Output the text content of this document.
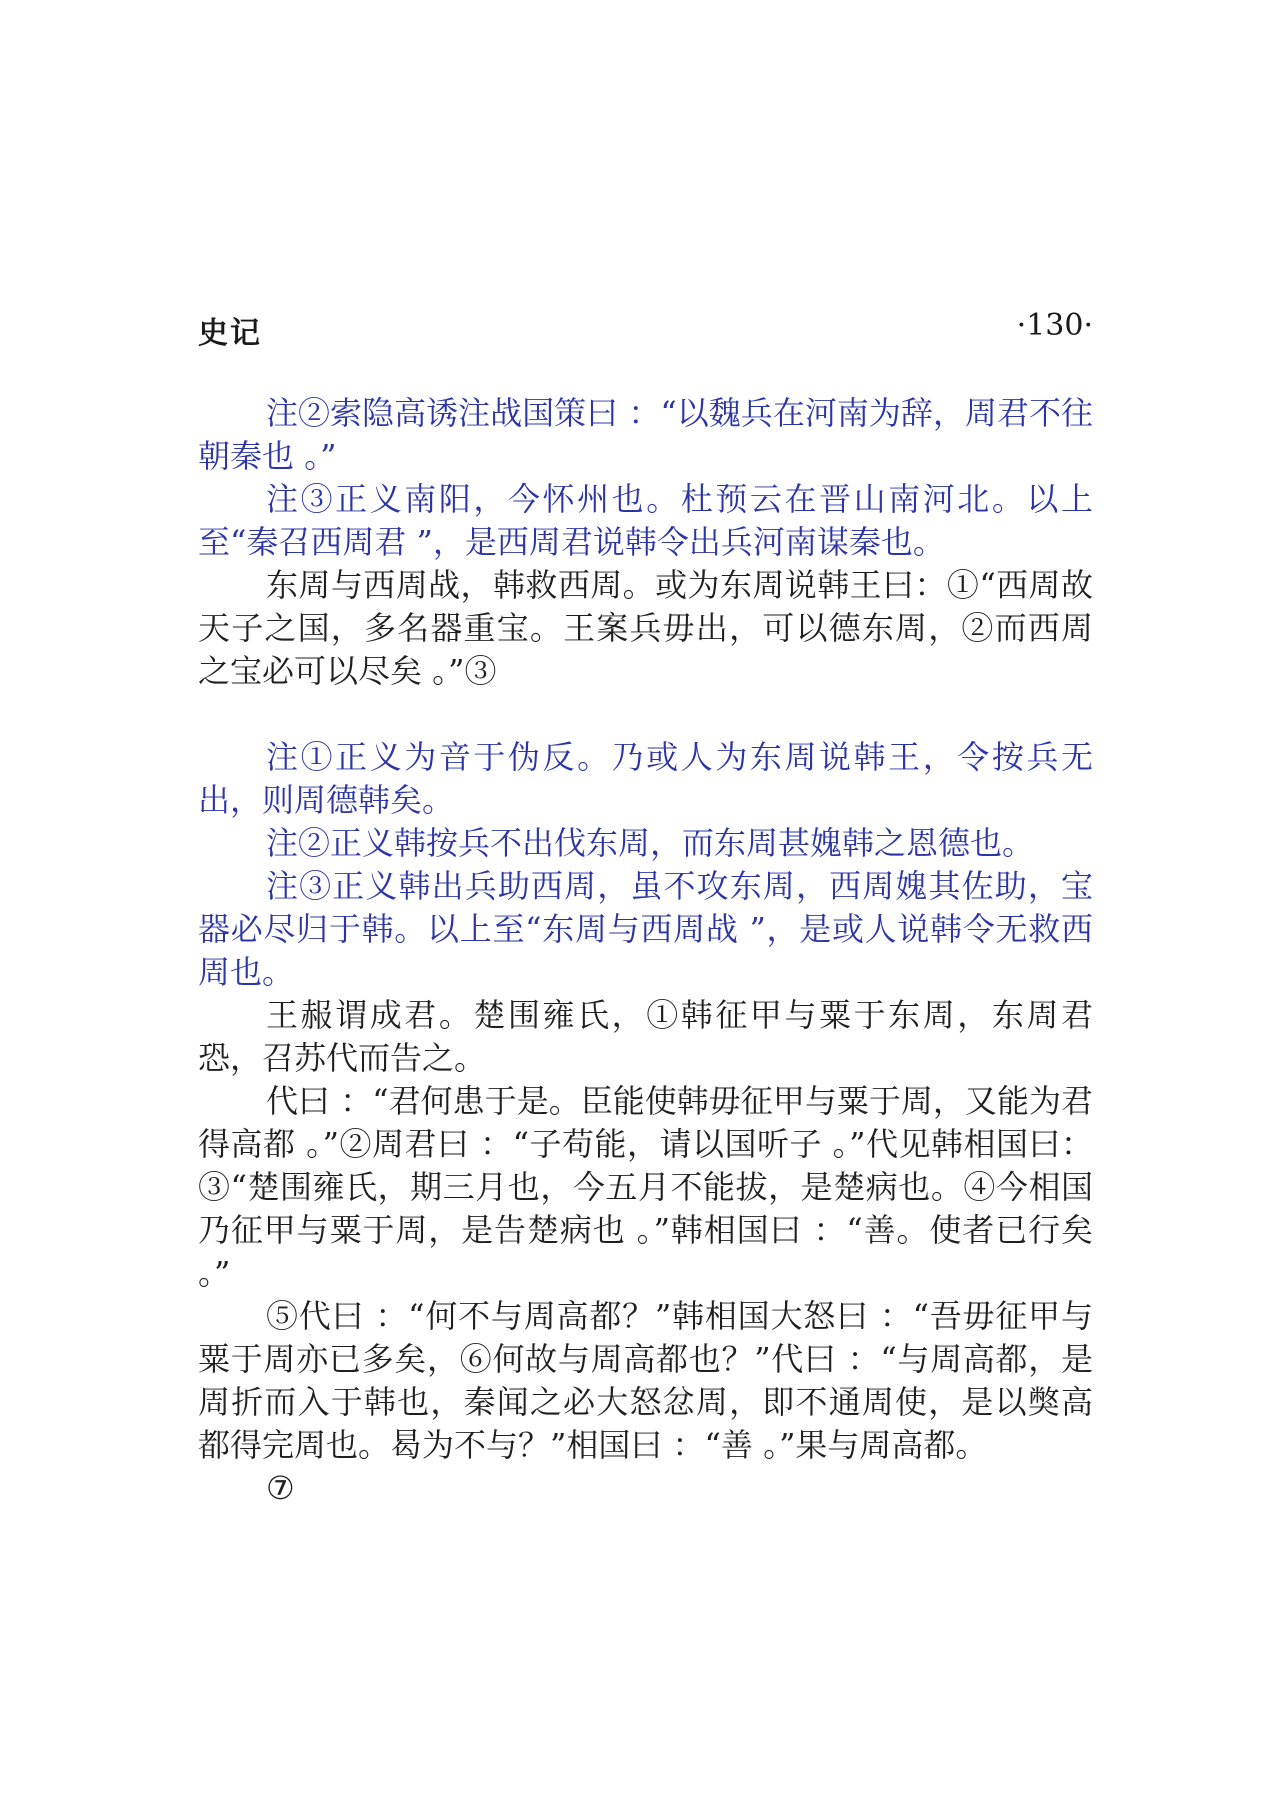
史记	·130·

注②索隐高诱注战国策曰 ：“以魏兵在河南为辞，周君不往朝秦也 。”

注③正义南阳，今怀州也。杜预云在晋山南河北。以上至“秦召西周君 ”，是西周君说韩令出兵河南谋秦也。

东周与西周战，韩救西周。或为东周说韩王曰：①“西周故天子之国，多名器重宝。王案兵毋出，可以德东周，②而西周之宝必可以尽矣 。”③

注①正义为音于伪反。乃或人为东周说韩王，令按兵无出，则周德韩矣。

注②正义韩按兵不出伐东周，而东周甚媿韩之恩德也。

注③正义韩出兵助西周，虽不攻东周，西周媿其佐助，宝器必尽归于韩。以上至“东周与西周战 ”，是或人说韩令无救西周也。

王赧谓成君。楚围雍氏，①韩征甲与粟于东周，东周君恐，召苏代而告之。

代曰 ：“君何患于是。臣能使韩毋征甲与粟于周，又能为君得高都 。”②周君曰 ：“子苟能，请以国听子 。”代见韩相国曰：③“楚围雍氏，期三月也，今五月不能拔，是楚病也。④今相国乃征甲与粟于周，是告楚病也 。”韩相国曰 ：“善。使者已行矣 。”

⑤代曰 ：“何不与周高都？”韩相国大怒曰 ：“吾毋征甲与粟于周亦已多矣，⑥何故与周高都也？”代曰 ：“与周高都，是周折而入于韩也，秦闻之必大怒忿周，即不通周使，是以獘高都得完周也。曷为不与？”相国曰 ：“善 。”果与周高都。

⑦
